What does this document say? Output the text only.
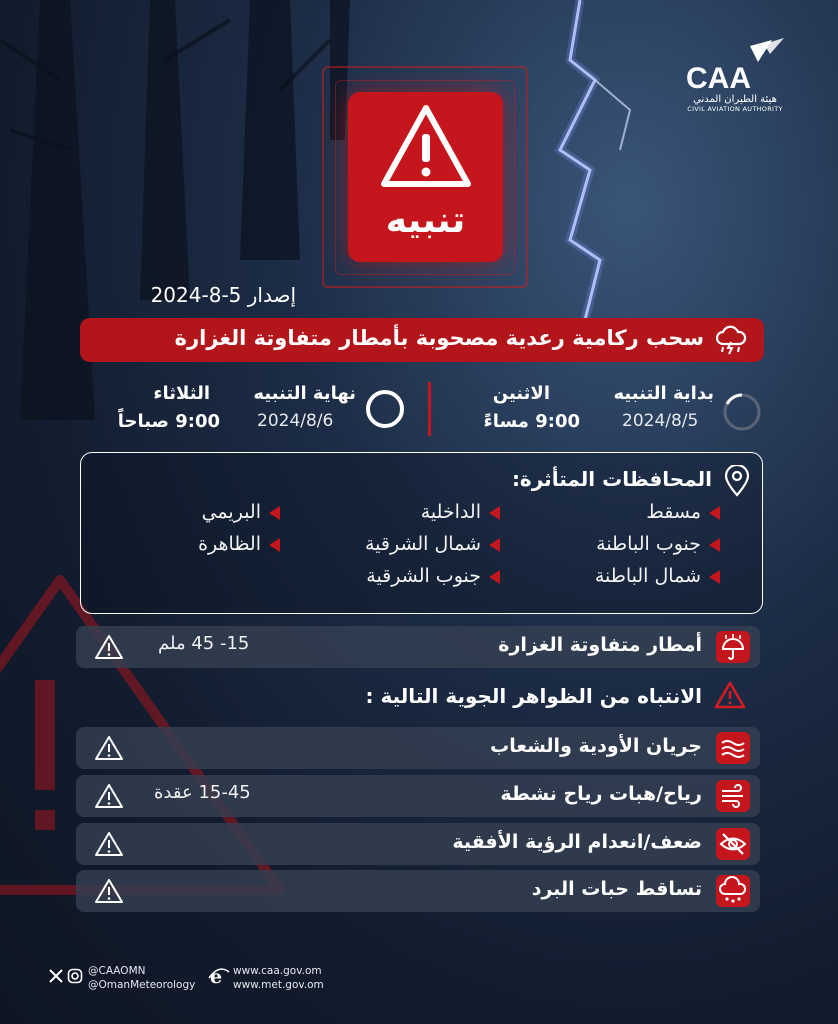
تنبيه
CAA
هيئة الطيران المدني
CIVIL AVIATION AUTHORITY
إصدار 5-8-2024
سحب ركامية رعدية مصحوبة بأمطار متفاوتة الغزارة
بداية التنبيه
2024/8/5
الاثنين
9:00 مساءً
نهاية التنبيه
2024/8/6
الثلاثاء
9:00 صباحاً
المحافظات المتأثرة:
مسقط
جنوب الباطنة
شمال الباطنة
الداخلية
شمال الشرقية
جنوب الشرقية
البريمي
الظاهرة
أمطار متفاوتة الغزارة
15- 45 ملم
الانتباه من الظواهر الجوية التالية :
جريان الأودية والشعاب
رياح/هبات رياح نشطة
15-45 عقدة
ضعف/انعدام الرؤية الأفقية
تساقط حبات البرد
@CAAOMN
@OmanMeteorology e www.caa.gov.om
www.met.gov.om
